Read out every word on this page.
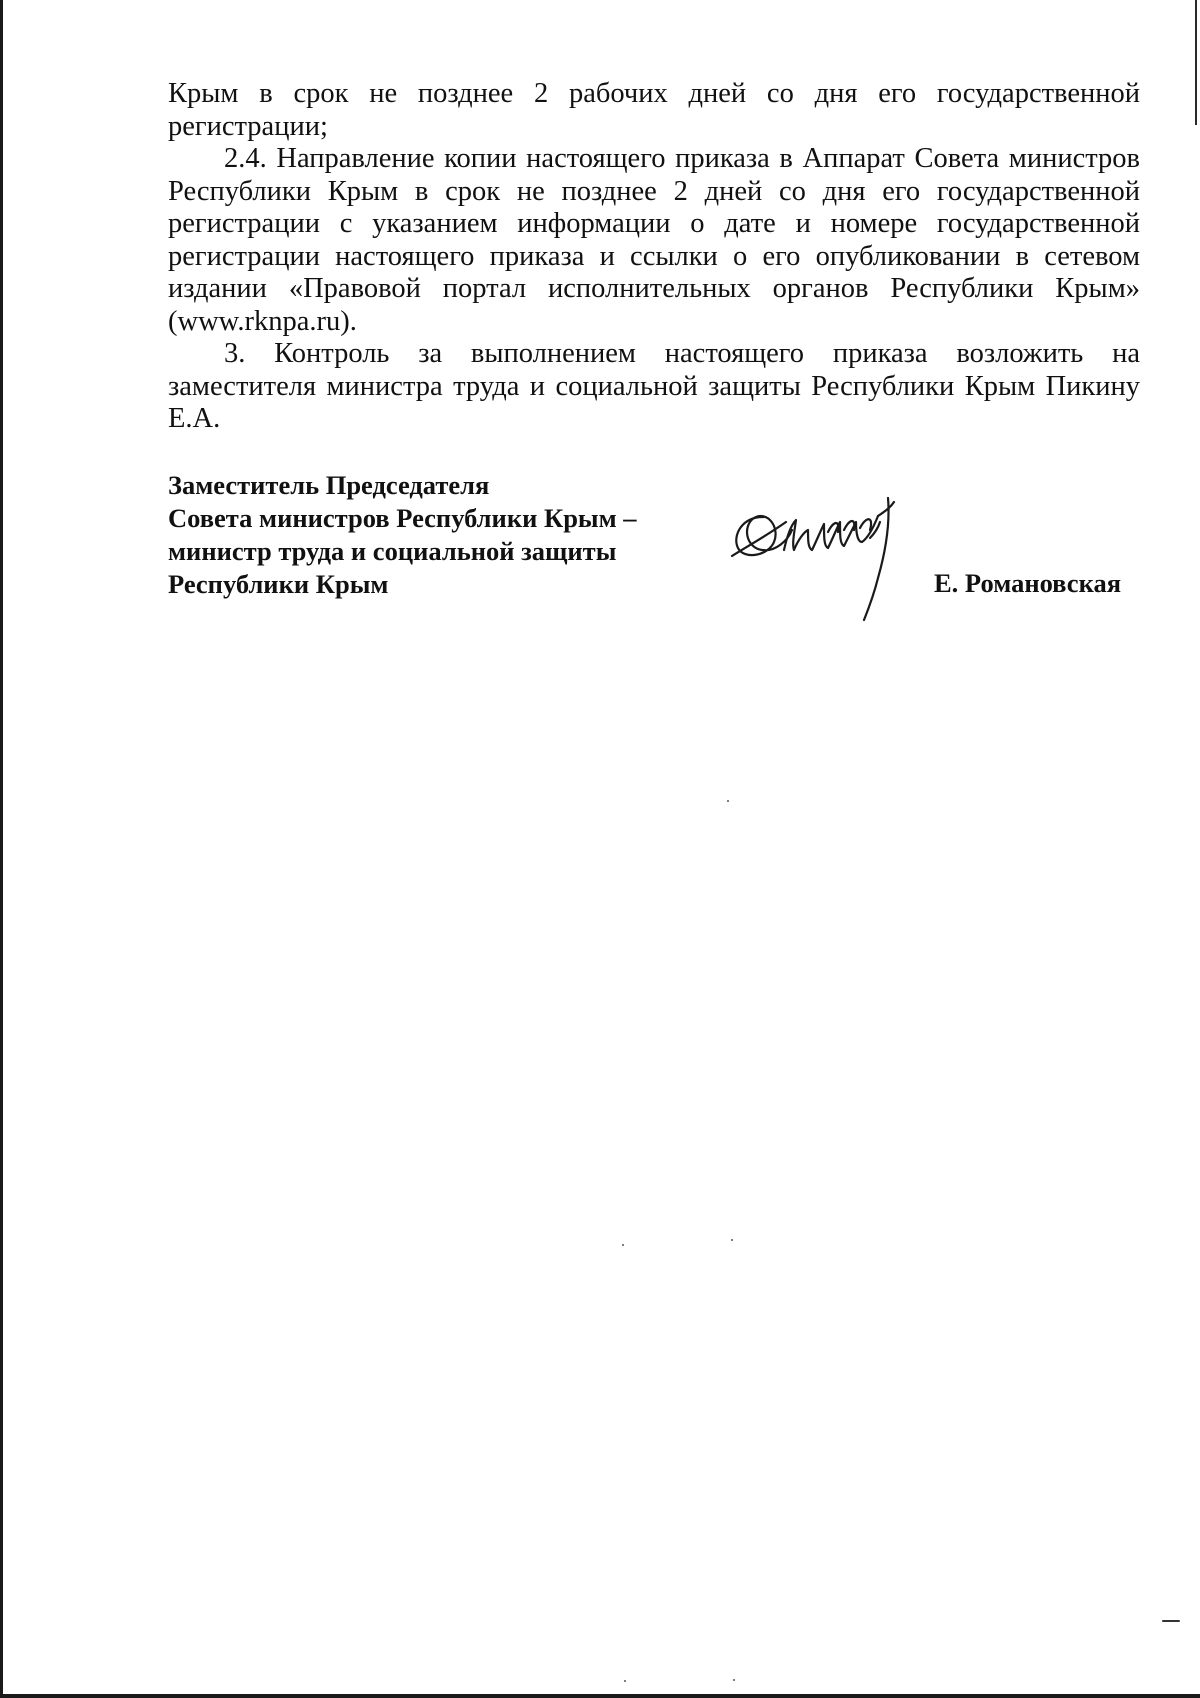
Крым в срок не позднее 2 рабочих дней со дня его государственной регистрации;

2.4. Направление копии настоящего приказа в Аппарат Совета министров Республики Крым в срок не позднее 2 дней со дня его государственной регистрации с указанием информации о дате и номере государственной регистрации настоящего приказа и ссылки о его опубликовании в сетевом издании «Правовой портал исполнительных органов Республики Крым» (www.rknpa.ru).

3. Контроль за выполнением настоящего приказа возложить на заместителя министра труда и социальной защиты Республики Крым Пикину Е.А.

Заместитель Председателя
Совета министров Республики Крым –
министр труда и социальной защиты
Республики Крым	Е. Романовская
